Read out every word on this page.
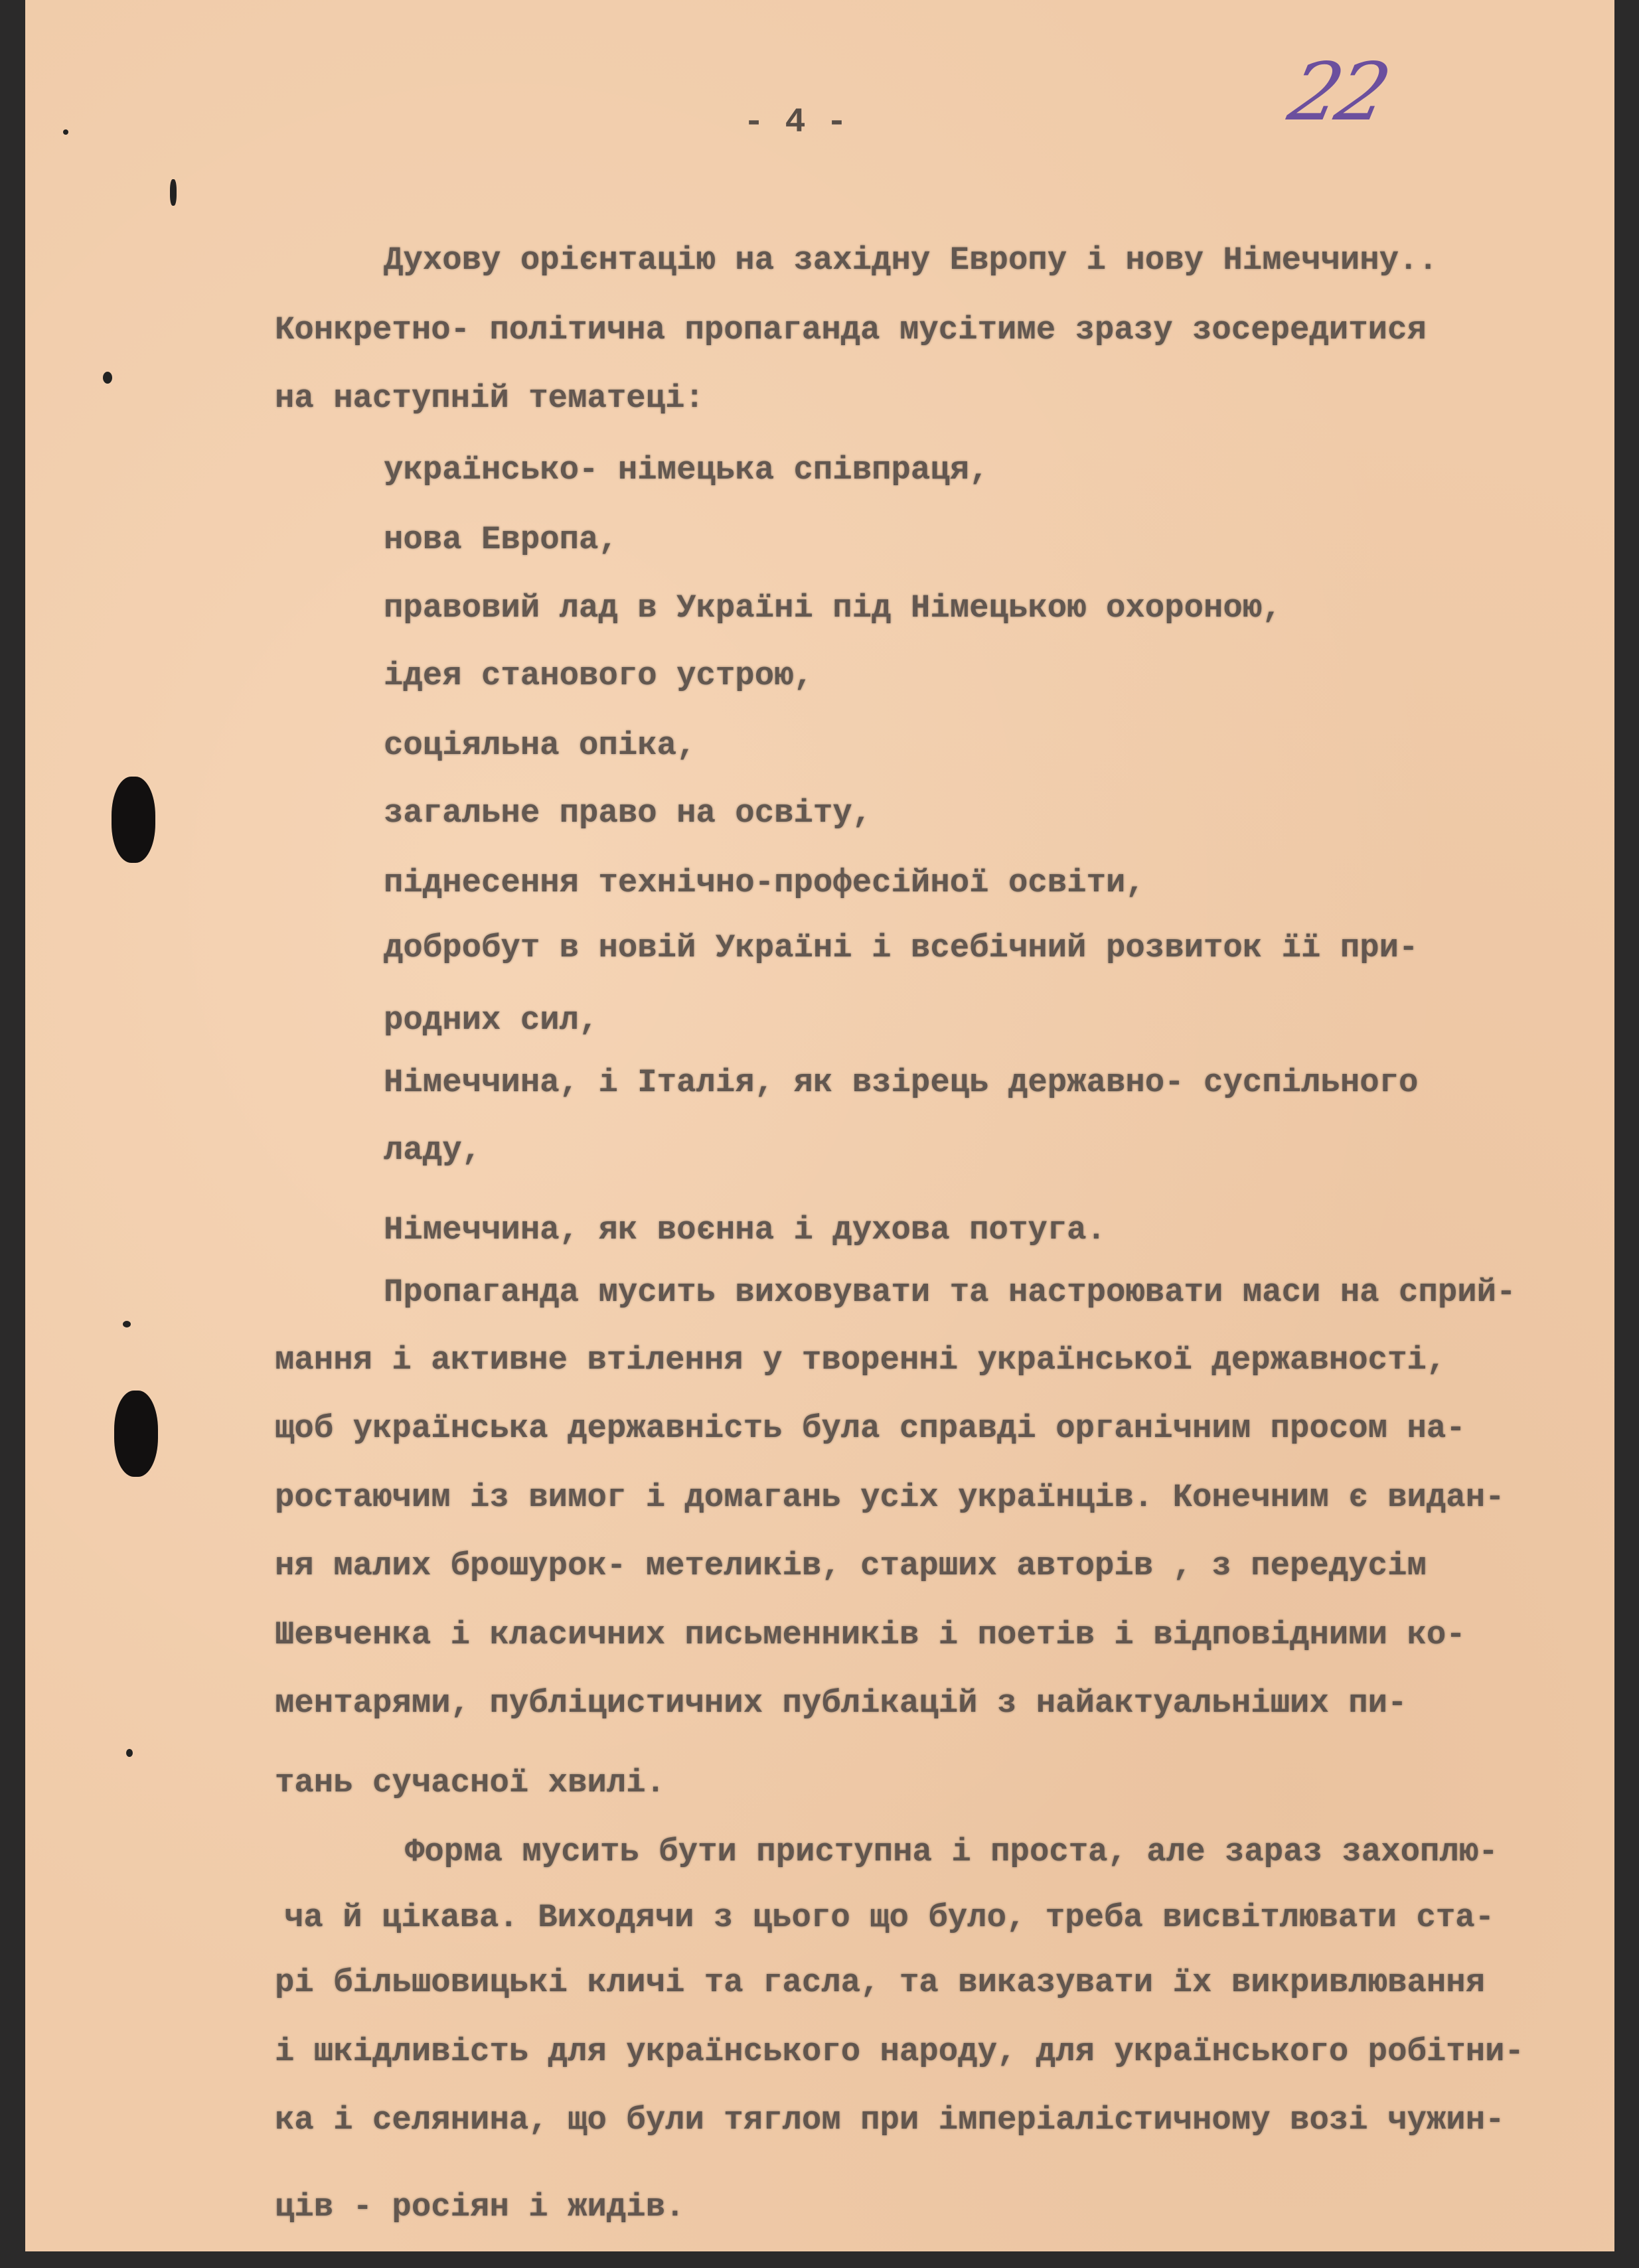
- 4 -	22
Духову орієнтацію на західну Европу і нову Німеччину..
Конкретно- політична пропаганда мусітиме зразу зосередитися
на наступній тематеці:
українсько- німецька співпраця,
нова Европа,
правовий лад в Україні під Німецькою охороною,
ідея станового устрою,
соціяльна опіка,
загальне право на освіту,
піднесення технічно-професійної освіти,
добробут в новій Україні і всебічний розвиток її при-
родних сил,
Німеччина, і Італія, як взірець державно- суспільного
ладу,
Німеччина, як воєнна і духова потуга.
Пропаганда мусить виховувати та настроювати маси на сприй-
мання і активне втілення у творенні української державності,
щоб українська державність була справді органічним просом на-
ростаючим із вимог і домагань усіх українців. Конечним є видан-
ня малих брошурок- метеликів, старших авторів , з передусім
Шевченка і класичних письменників і поетів і відповідними ко-
ментарями, публіцистичних публікацій з найактуальніших пи-
тань сучасної хвилі.
Форма мусить бути приступна і проста, але зараз захоплю-
ча й цікава. Виходячи з цього що було, треба висвітлювати ста-
рі більшовицькі кличі та гасла, та виказувати їх викривлювання
і шкідливість для українського народу, для українського робітни-
ка і селянина, що були тяглом при імперіалістичному возі чужин-
ців - росіян і жидів.
